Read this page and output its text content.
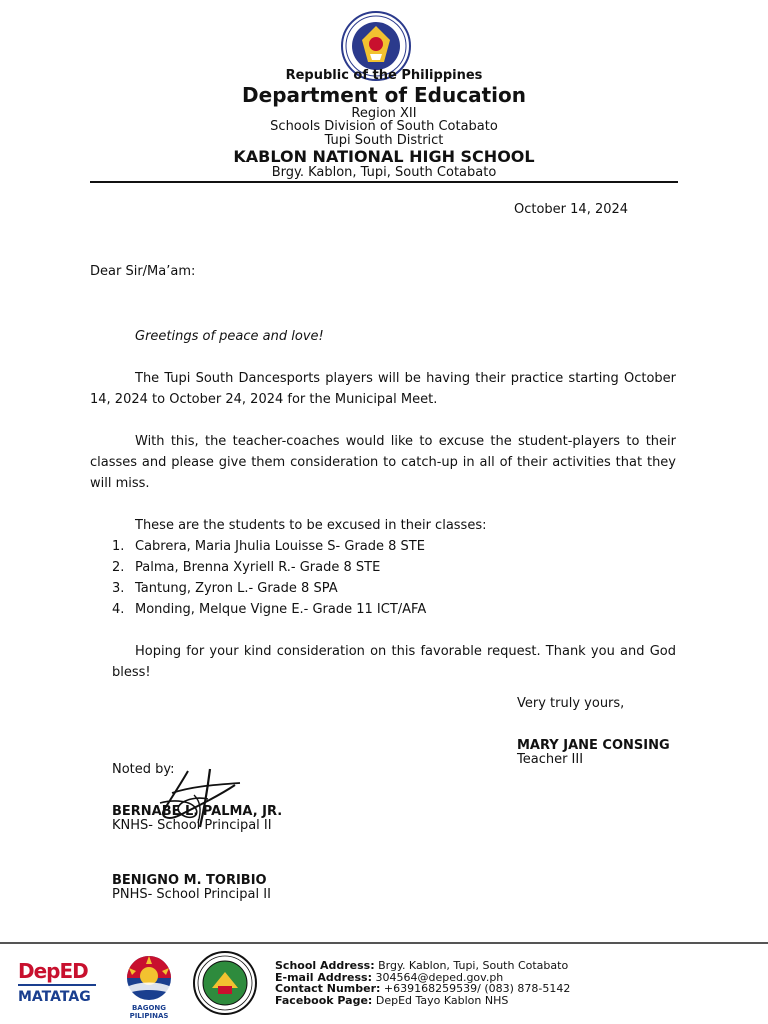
Republic of the Philippines
Department of Education
Region XII
Schools Division of South Cotabato
Tupi South District
KABLON NATIONAL HIGH SCHOOL
Brgy. Kablon, Tupi, South Cotabato
October 14, 2024
Dear Sir/Ma’am:
Greetings of peace and love!
The Tupi South Dancesports players will be having their practice starting October 14, 2024 to October 24, 2024 for the Municipal Meet.
With this, the teacher-coaches would like to excuse the student-players to their classes and please give them consideration to catch-up in all of their activities that they will miss.
These are the students to be excused in their classes:
1. Cabrera, Maria Jhulia Louisse S- Grade 8 STE
2. Palma, Brenna Xyriell R.- Grade 8 STE
3. Tantung, Zyron L.- Grade 8 SPA
4. Monding, Melque Vigne E.- Grade 11 ICT/AFA
Hoping for your kind consideration on this favorable request. Thank you and God bless!
Very truly yours,
MARY JANE CONSING
Teacher III
Noted by:
BERNABE L. PALMA, JR.
KNHS- School Principal II
BENIGNO M. TORIBIO
PNHS- School Principal II
DepED
MATATAG
BAGONG PILIPINAS
School Address: Brgy. Kablon, Tupi, South Cotabato
E-mail Address: 304564@deped.gov.ph
Contact Number: +639168259539/ (083) 878-5142
Facebook Page: DepEd Tayo Kablon NHS
